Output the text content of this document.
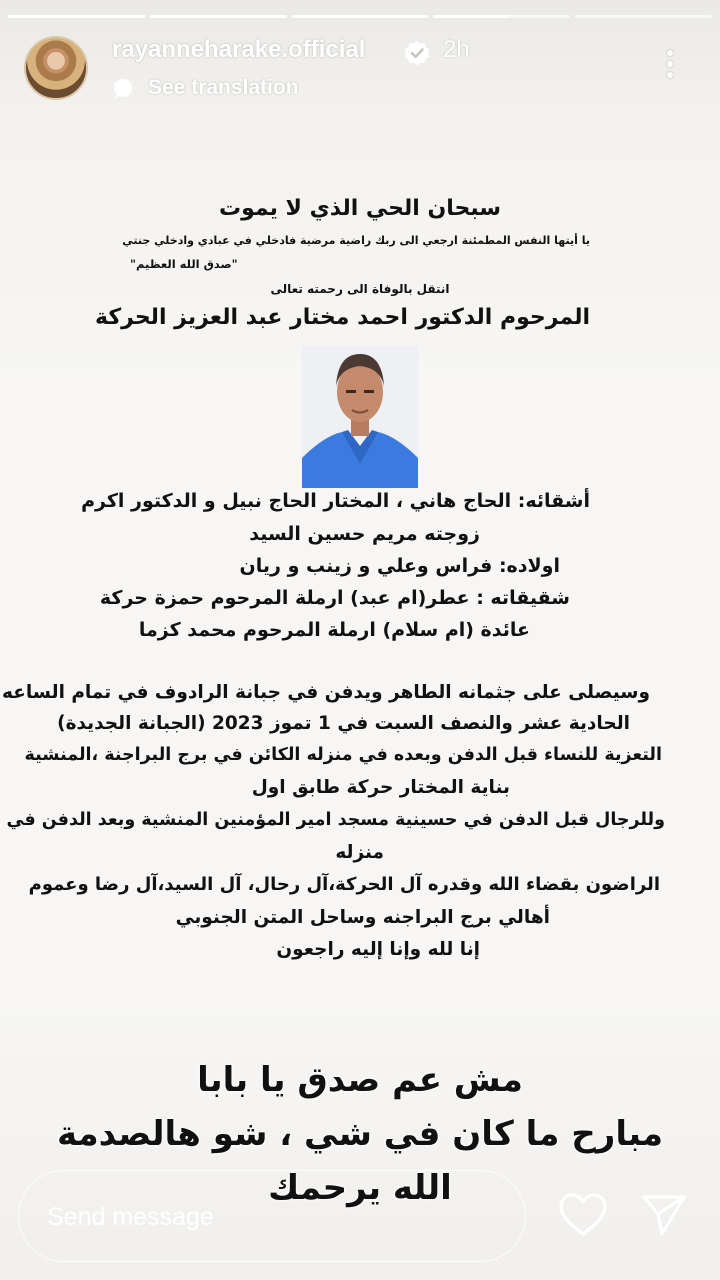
rayanneharake.official	2h
See translation
سبحان الحي الذي لا يموت
يا أيتها النفس المطمئنة ارجعي الى ربك راضية مرضية فادخلي في عبادي وادخلي جنتي
"صدق الله العظيم"
انتقل بالوفاة الى رحمته تعالى
المرحوم الدكتور احمد مختار عبد العزيز الحركة
أشقائه: الحاج هاني ، المختار الحاج نبيل و الدكتور اكرم
زوجته مريم حسين السيد
اولاده: فراس وعلي و زينب و ريان
شقيقاته : عطر(ام عبد) ارملة المرحوم حمزة حركة
عائدة (ام سلام) ارملة المرحوم محمد كزما
وسيصلى على جثمانه الطاهر ويدفن في جبانة الرادوف في تمام الساعه
الحادية عشر والنصف السبت في 1 تموز 2023 (الجبانة الجديدة)
التعزية للنساء قبل الدفن وبعده في منزله الكائن في برج البراجنة ،المنشية
بناية المختار حركة طابق اول
وللرجال قبل الدفن في حسينية مسجد امير المؤمنين المنشية وبعد الدفن في
منزله
الراضون بقضاء الله وقدره آل الحركة،آل رحال، آل السيد،آل رضا وعموم
أهالي برج البراجنه وساحل المتن الجنوبي
إنا لله وإنا إليه راجعون
مش عم صدق يا بابا
مبارح ما كان في شي ، شو هالصدمة
الله يرحمك
Send message
